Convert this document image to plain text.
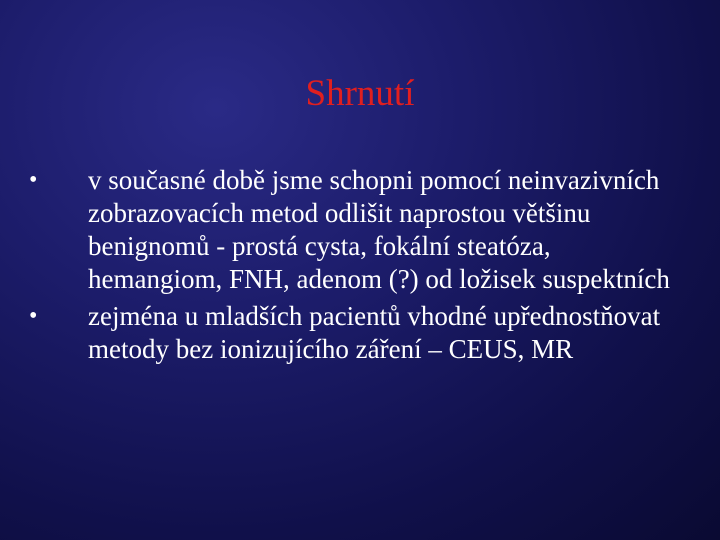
Shrnutí
• v současné době jsme schopni pomocí neinvazivních zobrazovacích metod odlišit naprostou většinu benignomů - prostá cysta, fokální steatóza, hemangiom, FNH, adenom (?) od ložisek suspektních
• zejména u mladších pacientů vhodné upřednostňovat metody bez ionizujícího záření – CEUS, MR
